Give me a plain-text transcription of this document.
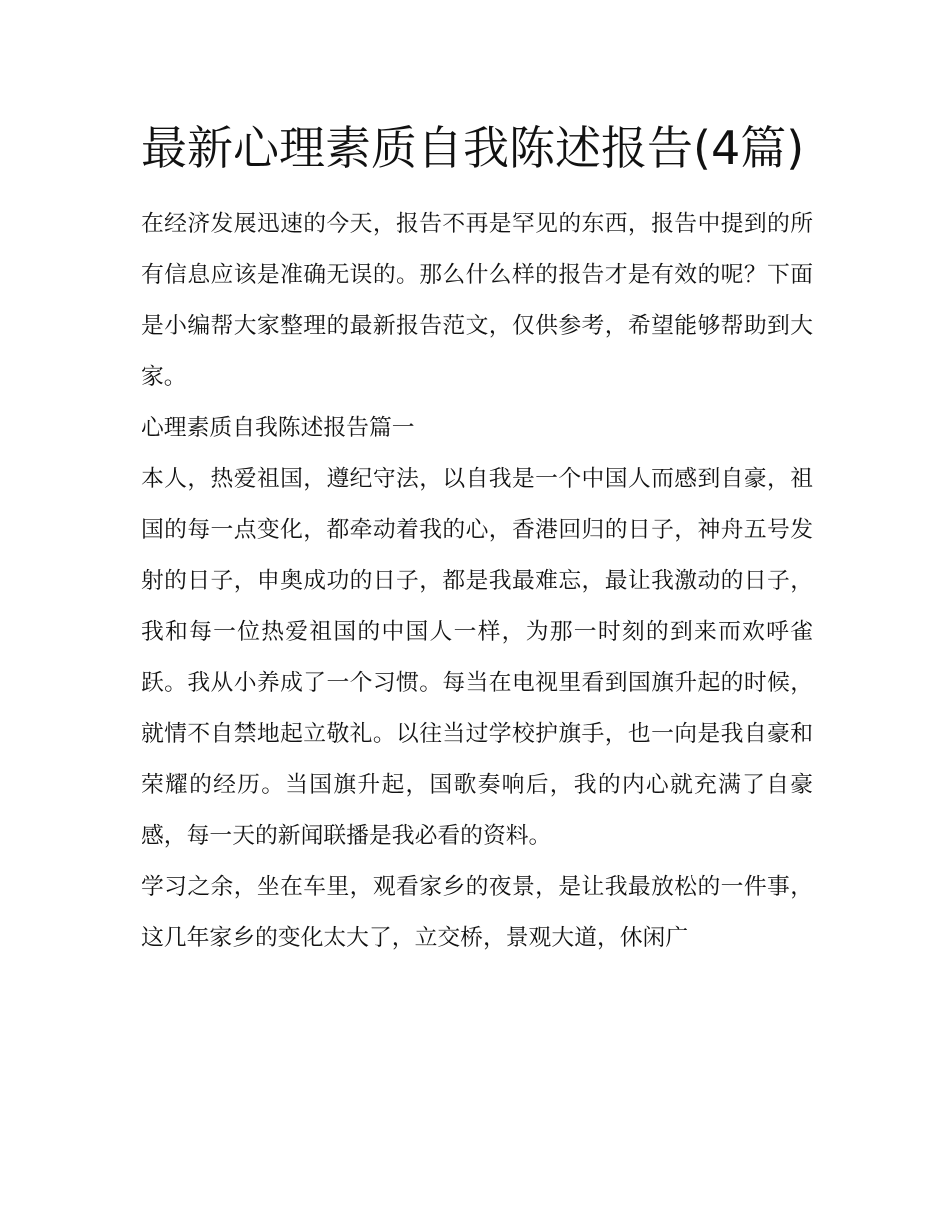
最新心理素质自我陈述报告(4篇)

在经济发展迅速的今天，报告不再是罕见的东西，报告中提到的所有信息应该是准确无误的。那么什么样的报告才是有效的呢？下面是小编帮大家整理的最新报告范文，仅供参考，希望能够帮助到大家。

心理素质自我陈述报告篇一

本人，热爱祖国，遵纪守法，以自我是一个中国人而感到自豪，祖国的每一点变化，都牵动着我的心，香港回归的日子，神舟五号发射的日子，申奥成功的日子，都是我最难忘，最让我激动的日子，我和每一位热爱祖国的中国人一样，为那一时刻的到来而欢呼雀跃。我从小养成了一个习惯。每当在电视里看到国旗升起的时候，就情不自禁地起立敬礼。以往当过学校护旗手，也一向是我自豪和荣耀的经历。当国旗升起，国歌奏响后，我的内心就充满了自豪感，每一天的新闻联播是我必看的资料。

学习之余，坐在车里，观看家乡的夜景，是让我最放松的一件事，这几年家乡的变化太大了，立交桥，景观大道，休闲广
